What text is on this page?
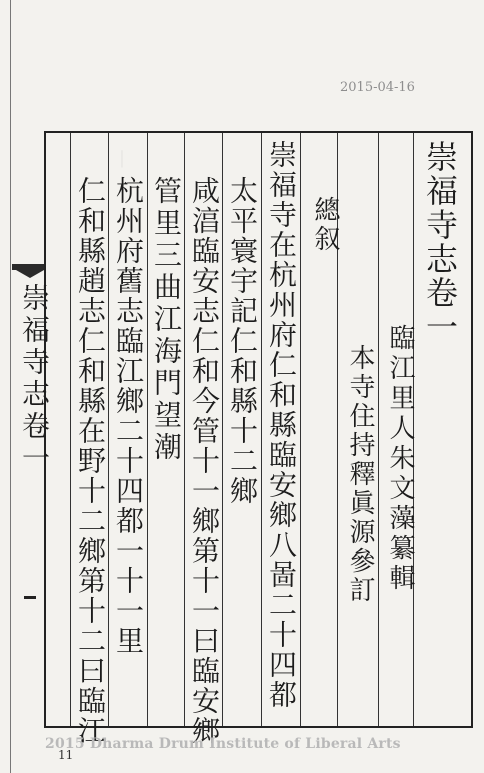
2015-04-16
𝄀	崇福寺志卷一
臨江里人朱文藻纂輯
本寺住持釋眞源參訂
總叙
崇福寺在杭州府仁和縣臨安鄉八啚二十四都
太平寰宇記仁和縣十二鄉
咸湻臨安志仁和今管十一鄉第十一曰臨安鄉
管里三曲江海門望潮
杭州府舊志臨江鄉二十四都一十一里
仁和縣趙志仁和縣在野十二鄉第十二曰臨江
崇福寺志卷一
2015 Dharma Drum Institute of Liberal Arts
11
